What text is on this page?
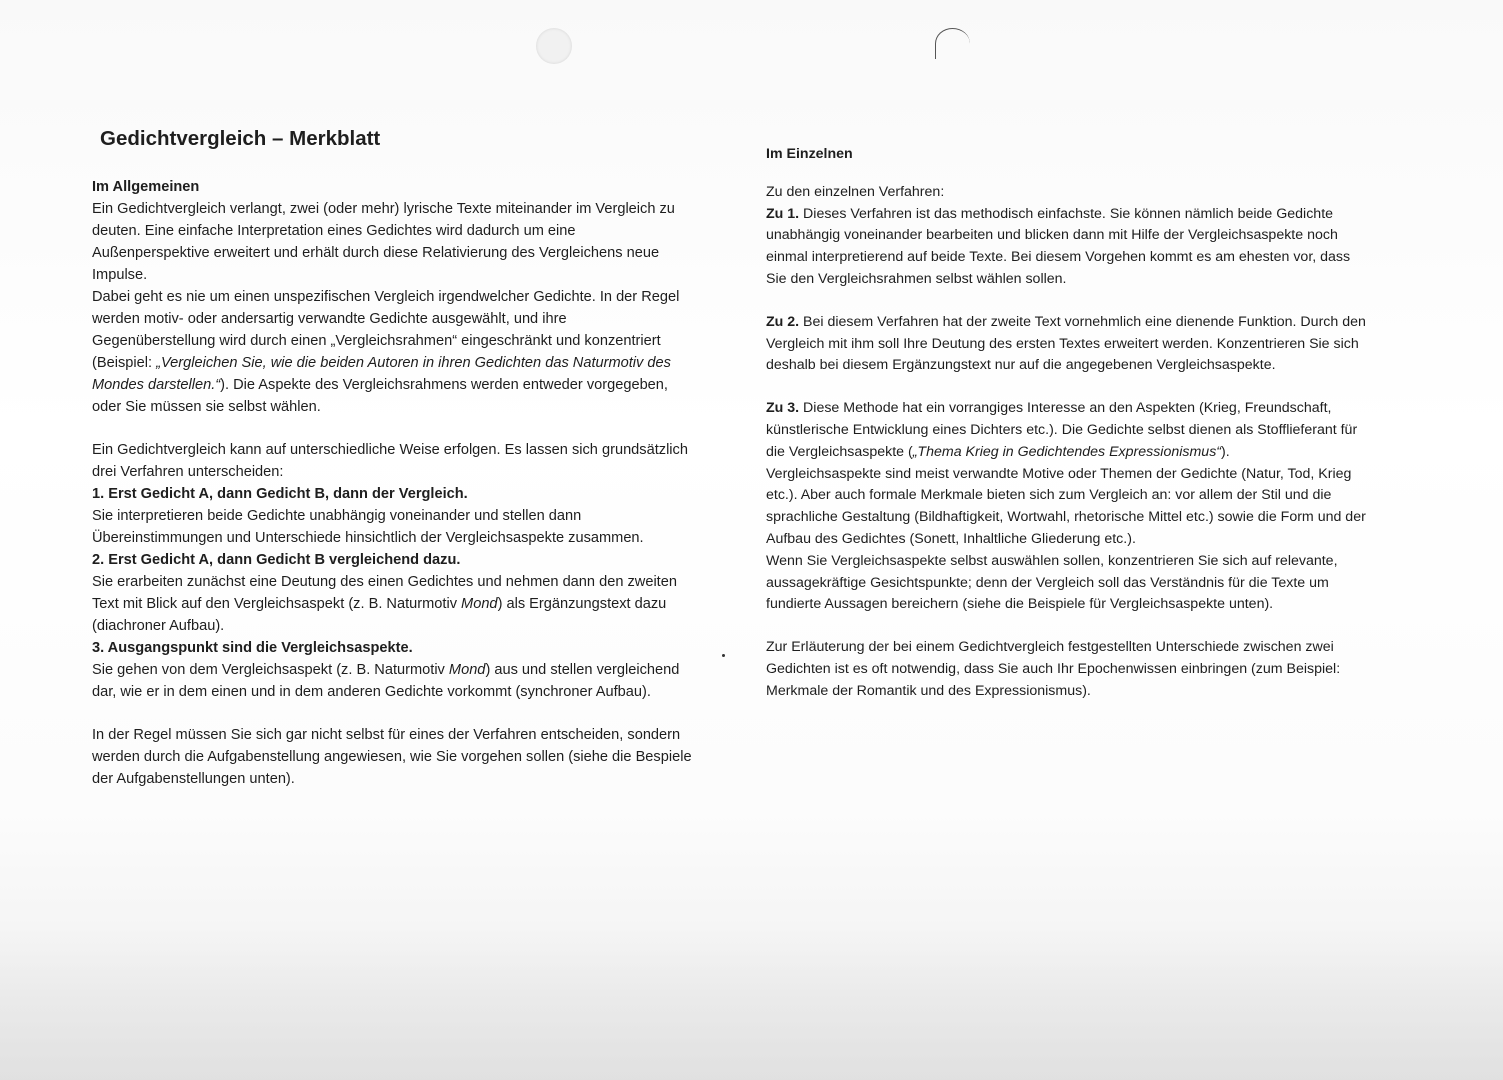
Gedichtvergleich – Merkblatt
Im Allgemeinen

Ein Gedichtvergleich verlangt, zwei (oder mehr) lyrische Texte miteinander im Vergleich zu deuten. Eine einfache Interpretation eines Gedichtes wird dadurch um eine Außenperspektive erweitert und erhält durch diese Relativierung des Vergleichens neue Impulse.

Dabei geht es nie um einen unspezifischen Vergleich irgendwelcher Gedichte. In der Regel werden motiv- oder andersartig verwandte Gedichte ausgewählt, und ihre Gegenüberstellung wird durch einen „Vergleichsrahmen“ eingeschränkt und konzentriert (Beispiel: „Vergleichen Sie, wie die beiden Autoren in ihren Gedichten das Naturmotiv des Mondes darstellen.“). Die Aspekte des Vergleichsrahmens werden entweder vorgegeben, oder Sie müssen sie selbst wählen.

Ein Gedichtvergleich kann auf unterschiedliche Weise erfolgen. Es lassen sich grundsätzlich drei Verfahren unterscheiden:

1. Erst Gedicht A, dann Gedicht B, dann der Vergleich.

Sie interpretieren beide Gedichte unabhängig voneinander und stellen dann Übereinstimmungen und Unterschiede hinsichtlich der Vergleichsaspekte zusammen.

2. Erst Gedicht A, dann Gedicht B vergleichend dazu.

Sie erarbeiten zunächst eine Deutung des einen Gedichtes und nehmen dann den zweiten Text mit Blick auf den Vergleichsaspekt (z. B. Naturmotiv Mond) als Ergänzungstext dazu (diachroner Aufbau).

3. Ausgangspunkt sind die Vergleichsaspekte.

Sie gehen von dem Vergleichsaspekt (z. B. Naturmotiv Mond) aus und stellen vergleichend dar, wie er in dem einen und in dem anderen Gedichte vorkommt (synchroner Aufbau).

In der Regel müssen Sie sich gar nicht selbst für eines der Verfahren entscheiden, sondern werden durch die Aufgabenstellung angewiesen, wie Sie vorgehen sollen (siehe die Bespiele der Aufgabenstellungen unten).

Im Einzelnen

Zu den einzelnen Verfahren:

Zu 1. Dieses Verfahren ist das methodisch einfachste. Sie können nämlich beide Gedichte unabhängig voneinander bearbeiten und blicken dann mit Hilfe der Vergleichsaspekte noch einmal interpretierend auf beide Texte. Bei diesem Vorgehen kommt es am ehesten vor, dass Sie den Vergleichsrahmen selbst wählen sollen.

Zu 2. Bei diesem Verfahren hat der zweite Text vornehmlich eine dienende Funktion. Durch den Vergleich mit ihm soll Ihre Deutung des ersten Textes erweitert werden. Konzentrieren Sie sich deshalb bei diesem Ergänzungstext nur auf die angegebenen Vergleichsaspekte.

Zu 3. Diese Methode hat ein vorrangiges Interesse an den Aspekten (Krieg, Freundschaft, künstlerische Entwicklung eines Dichters etc.). Die Gedichte selbst dienen als Stofflieferant für die Vergleichsaspekte („Thema Krieg in Gedichtendes Expressionismus“).

Vergleichsaspekte sind meist verwandte Motive oder Themen der Gedichte (Natur, Tod, Krieg etc.). Aber auch formale Merkmale bieten sich zum Vergleich an: vor allem der Stil und die sprachliche Gestaltung (Bildhaftigkeit, Wortwahl, rhetorische Mittel etc.) sowie die Form und der Aufbau des Gedichtes (Sonett, Inhaltliche Gliederung etc.).

Wenn Sie Vergleichsaspekte selbst auswählen sollen, konzentrieren Sie sich auf relevante, aussagekräftige Gesichtspunkte; denn der Vergleich soll das Verständnis für die Texte um fundierte Aussagen bereichern (siehe die Beispiele für Vergleichsaspekte unten).

Zur Erläuterung der bei einem Gedichtvergleich festgestellten Unterschiede zwischen zwei Gedichten ist es oft notwendig, dass Sie auch Ihr Epochenwissen einbringen (zum Beispiel: Merkmale der Romantik und des Expressionismus).
